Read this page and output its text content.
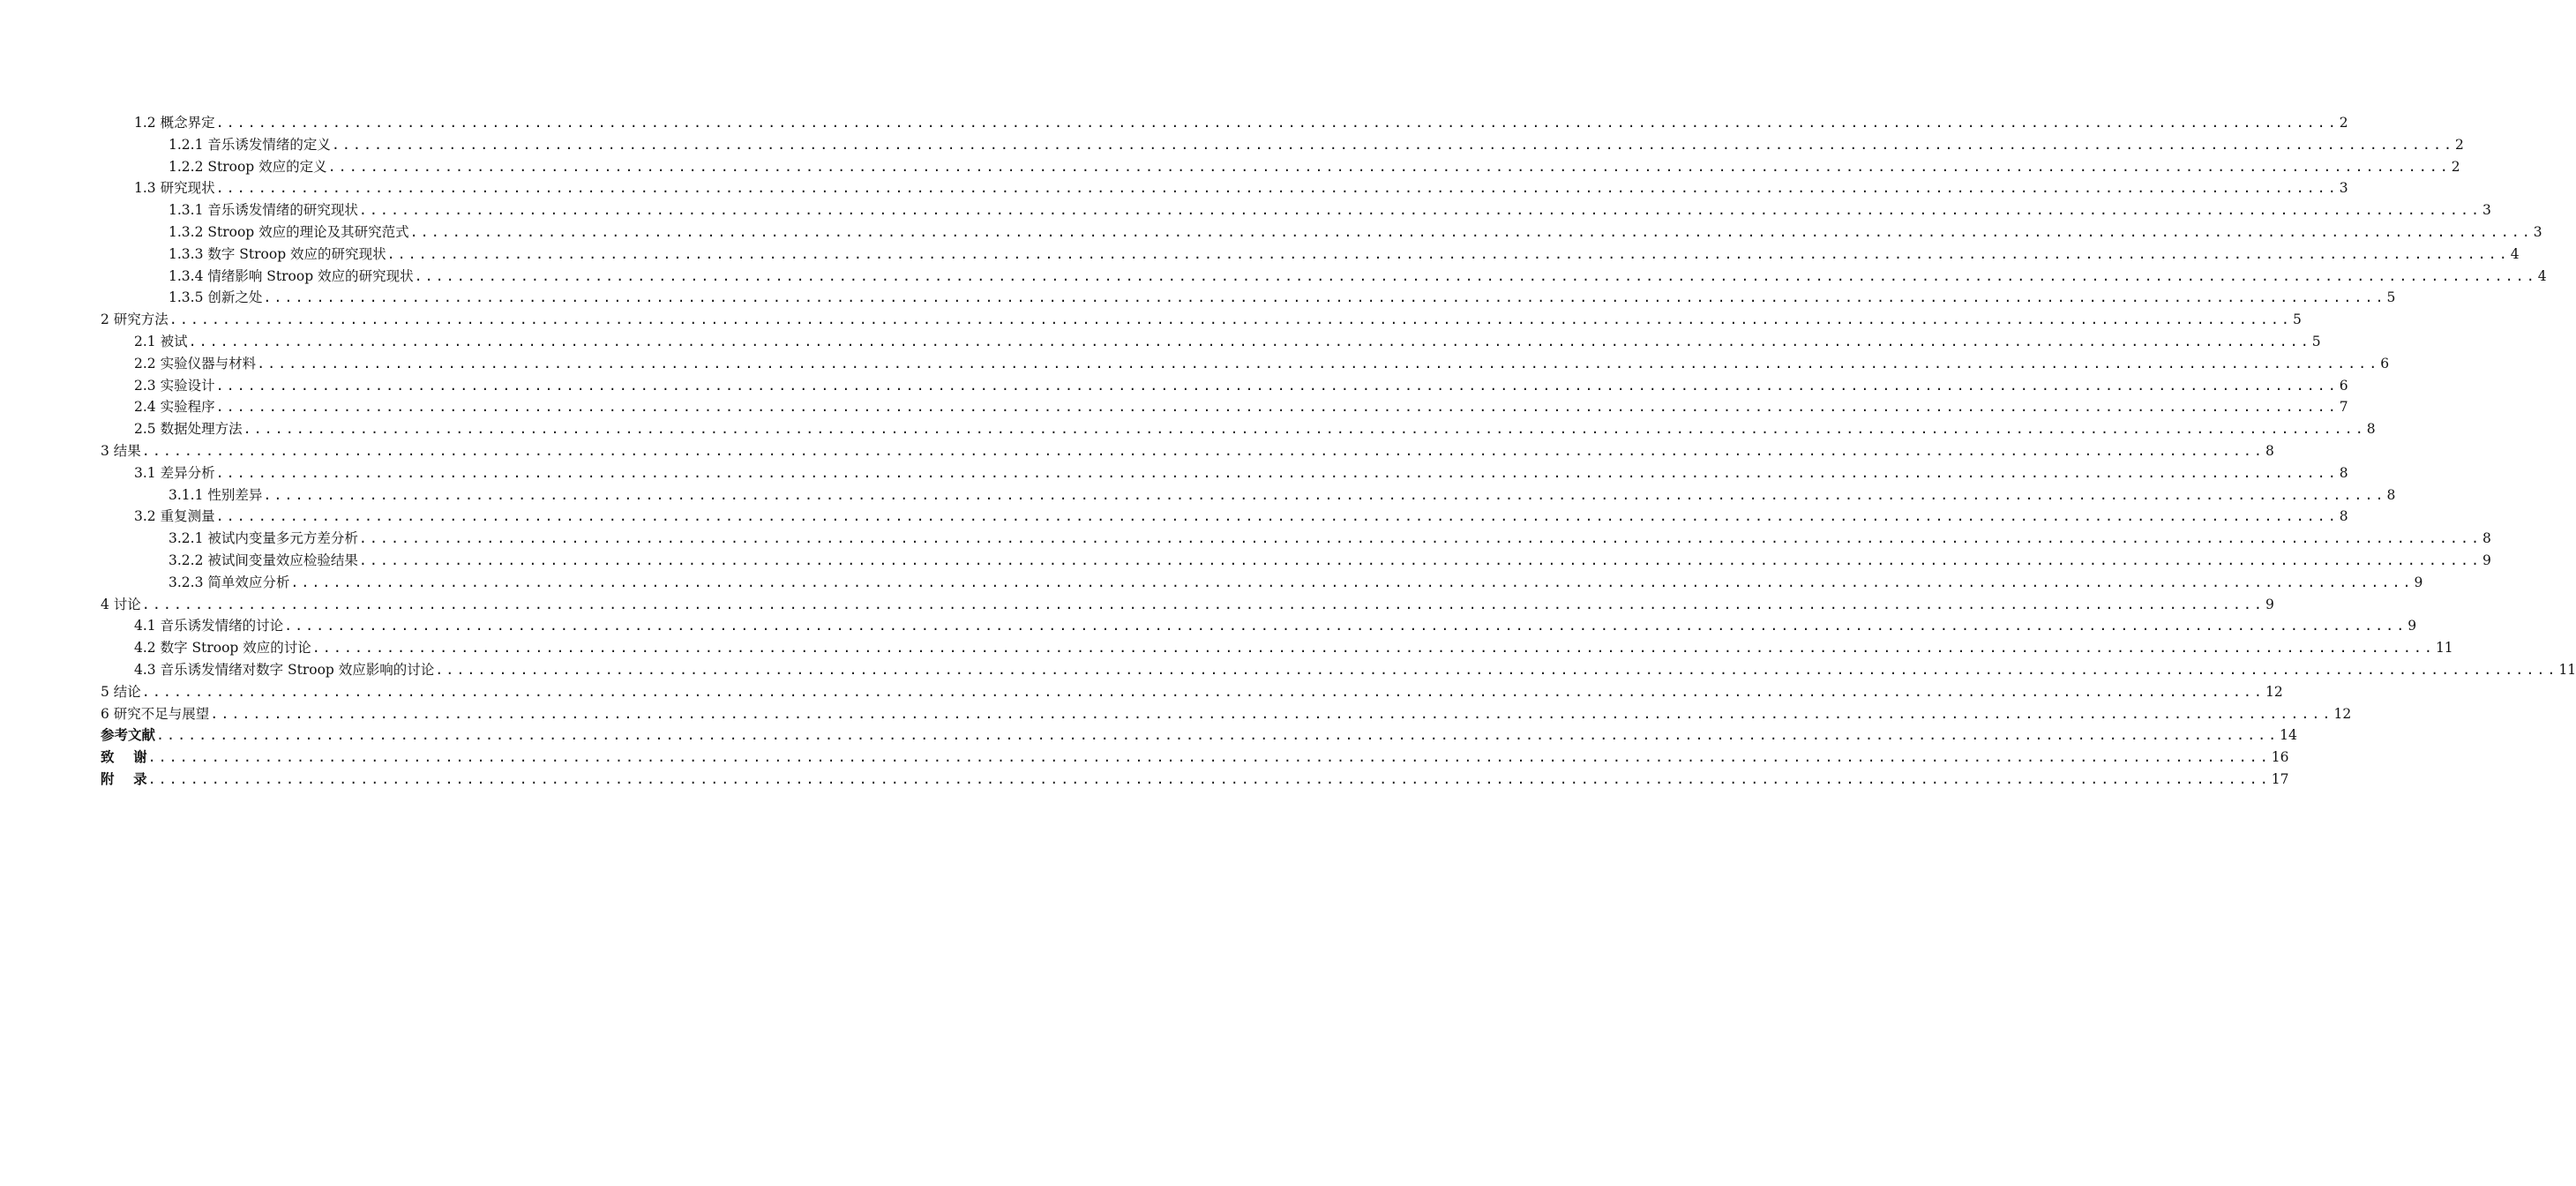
1.2 概念界定 ........................................................................................................................................................................................................ 2
1.2.1 音乐诱发情绪的定义 ........................................................................................................................................................................................................ 2
1.2.2 Stroop 效应的定义 ........................................................................................................................................................................................................ 2
1.3 研究现状 ........................................................................................................................................................................................................ 3
1.3.1 音乐诱发情绪的研究现状 ........................................................................................................................................................................................................ 3
1.3.2 Stroop 效应的理论及其研究范式 ........................................................................................................................................................................................................ 3
1.3.3 数字 Stroop 效应的研究现状 ........................................................................................................................................................................................................ 4
1.3.4 情绪影响 Stroop 效应的研究现状 ........................................................................................................................................................................................................ 4
1.3.5 创新之处 ........................................................................................................................................................................................................ 5
2 研究方法 ........................................................................................................................................................................................................ 5
2.1 被试 ........................................................................................................................................................................................................ 5
2.2 实验仪器与材料 ........................................................................................................................................................................................................ 6
2.3 实验设计 ........................................................................................................................................................................................................ 6
2.4 实验程序 ........................................................................................................................................................................................................ 7
2.5 数据处理方法 ........................................................................................................................................................................................................ 8
3 结果 ........................................................................................................................................................................................................ 8
3.1 差异分析 ........................................................................................................................................................................................................ 8
3.1.1 性别差异 ........................................................................................................................................................................................................ 8
3.2 重复测量 ........................................................................................................................................................................................................ 8
3.2.1 被试内变量多元方差分析 ........................................................................................................................................................................................................ 8
3.2.2 被试间变量效应检验结果 ........................................................................................................................................................................................................ 9
3.2.3 简单效应分析 ........................................................................................................................................................................................................ 9
4 讨论 ........................................................................................................................................................................................................ 9
4.1 音乐诱发情绪的讨论 ........................................................................................................................................................................................................ 9
4.2 数字 Stroop 效应的讨论 ........................................................................................................................................................................................................ 11
4.3 音乐诱发情绪对数字 Stroop 效应影响的讨论 ........................................................................................................................................................................................................ 11
5 结论 ........................................................................................................................................................................................................ 12
6 研究不足与展望 ........................................................................................................................................................................................................ 12
参考文献 ........................................................................................................................................................................................................ 14
致    谢 ........................................................................................................................................................................................................ 16
附    录 ........................................................................................................................................................................................................ 17
